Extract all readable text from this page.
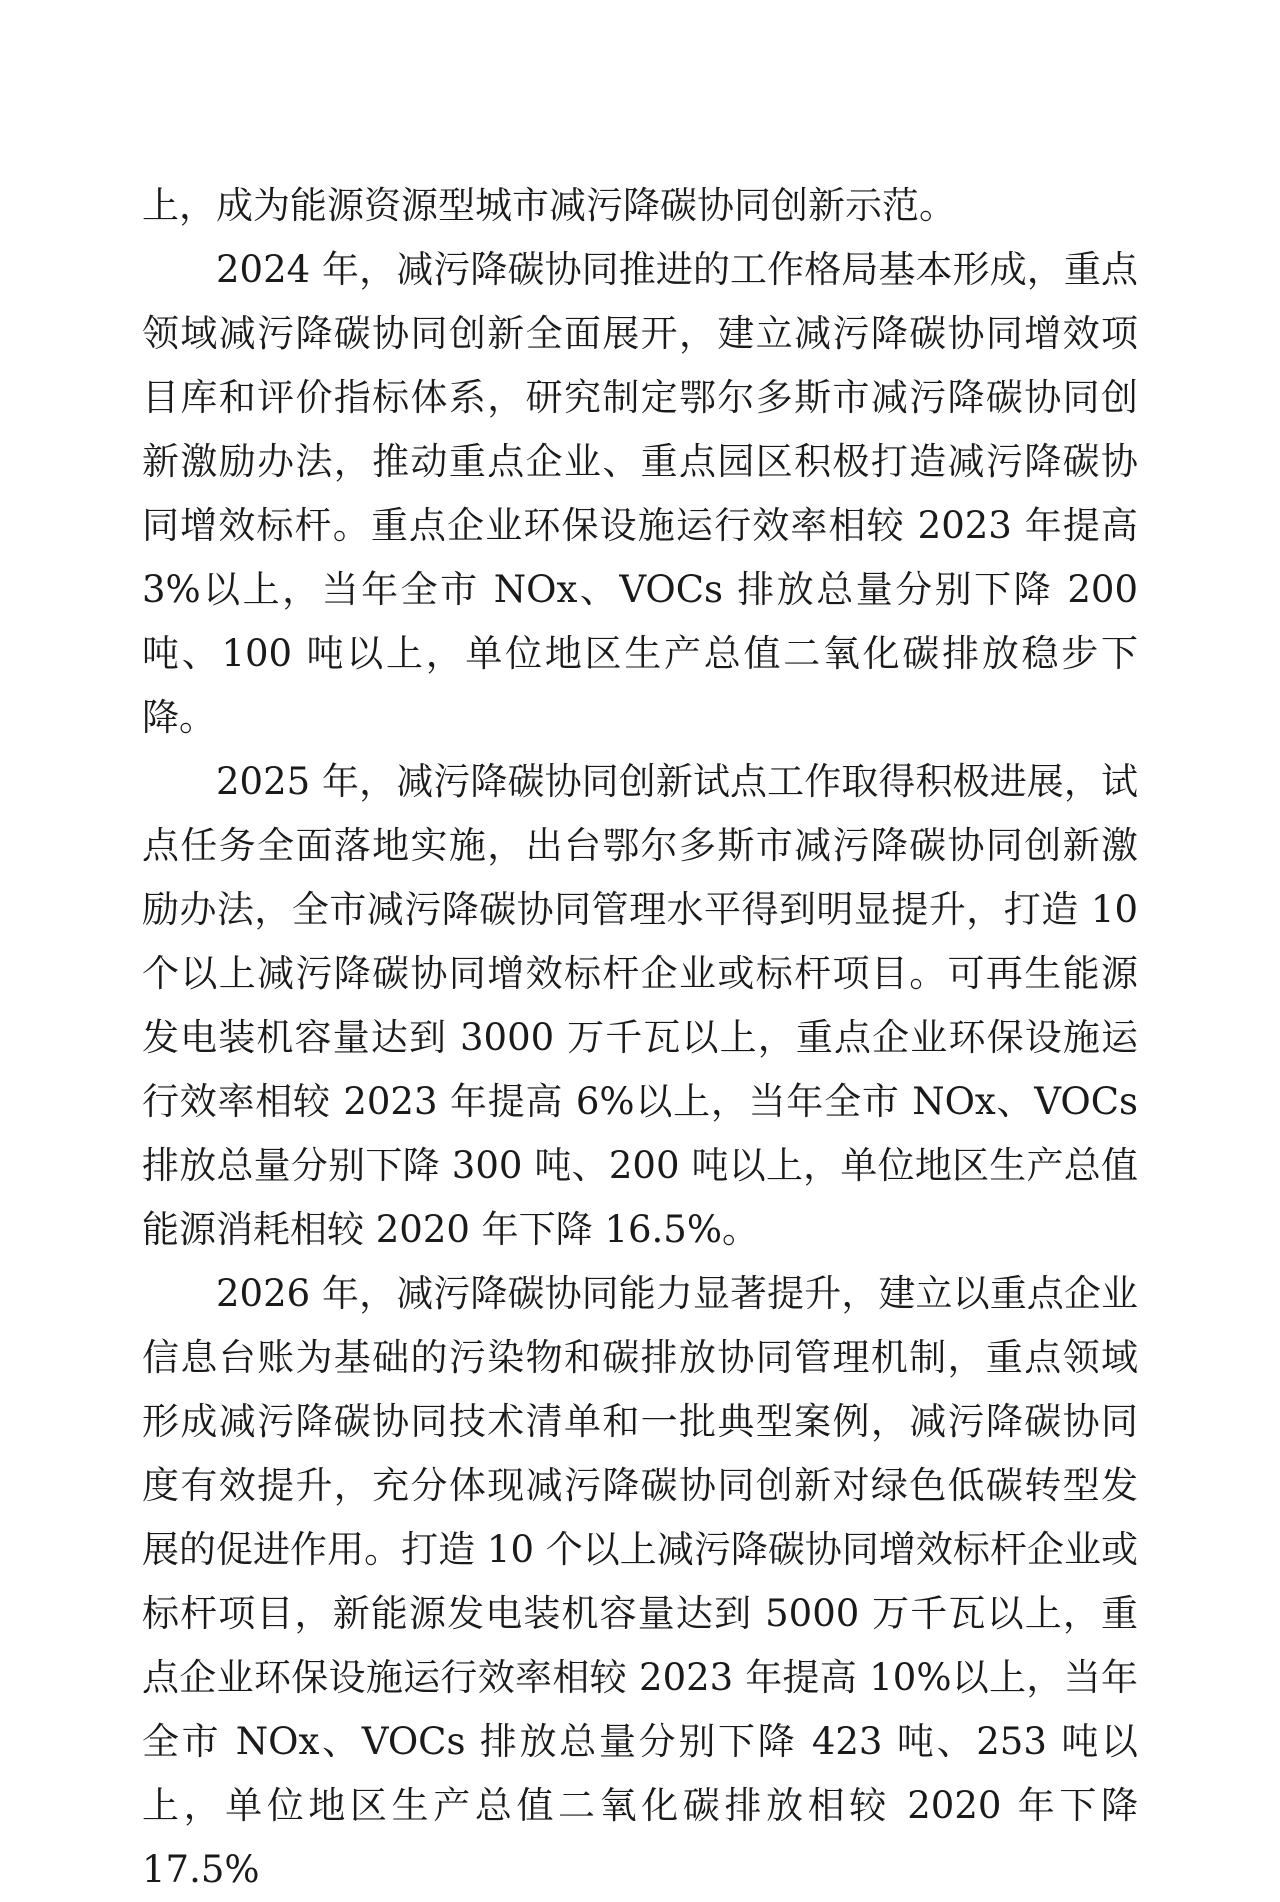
上，成为能源资源型城市减污降碳协同创新示范。

2024 年，减污降碳协同推进的工作格局基本形成，重点领域减污降碳协同创新全面展开，建立减污降碳协同增效项目库和评价指标体系，研究制定鄂尔多斯市减污降碳协同创新激励办法，推动重点企业、重点园区积极打造减污降碳协同增效标杆。重点企业环保设施运行效率相较 2023 年提高 3%以上，当年全市 NOx、VOCs 排放总量分别下降 200 吨、100 吨以上，单位地区生产总值二氧化碳排放稳步下降。

2025 年，减污降碳协同创新试点工作取得积极进展，试点任务全面落地实施，出台鄂尔多斯市减污降碳协同创新激励办法，全市减污降碳协同管理水平得到明显提升，打造 10 个以上减污降碳协同增效标杆企业或标杆项目。可再生能源发电装机容量达到 3000 万千瓦以上，重点企业环保设施运行效率相较 2023 年提高 6%以上，当年全市 NOx、VOCs 排放总量分别下降 300 吨、200 吨以上，单位地区生产总值能源消耗相较 2020 年下降 16.5%。

2026 年，减污降碳协同能力显著提升，建立以重点企业信息台账为基础的污染物和碳排放协同管理机制，重点领域形成减污降碳协同技术清单和一批典型案例，减污降碳协同度有效提升，充分体现减污降碳协同创新对绿色低碳转型发展的促进作用。打造 10 个以上减污降碳协同增效标杆企业或标杆项目，新能源发电装机容量达到 5000 万千瓦以上，重点企业环保设施运行效率相较 2023 年提高 10%以上，当年全市 NOx、VOCs 排放总量分别下降 423 吨、253 吨以上，单位地区生产总值二氧化碳排放相较 2020 年下降 17.5%
